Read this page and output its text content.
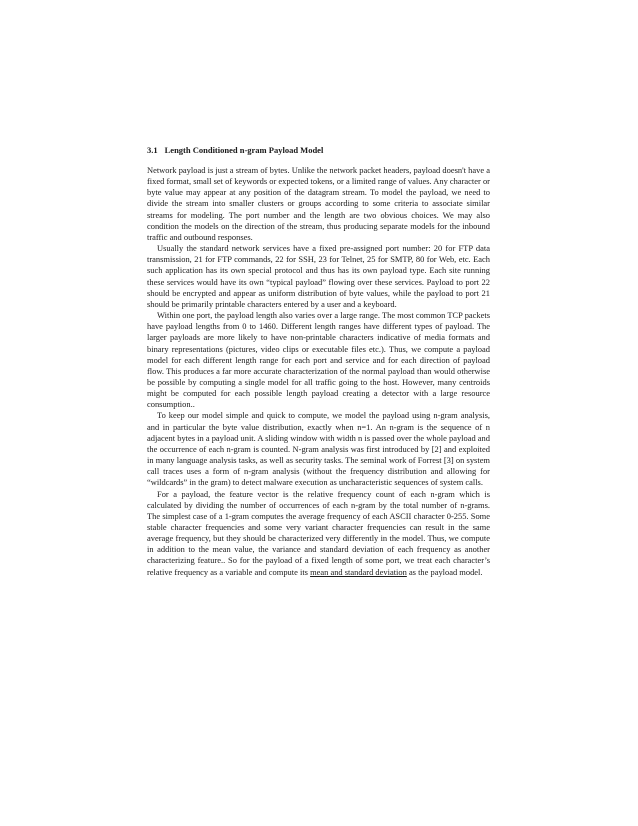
3.1 Length Conditioned n-gram Payload Model

Network payload is just a stream of bytes. Unlike the network packet headers, payload doesn't have a fixed format, small set of keywords or expected tokens, or a limited range of values. Any character or byte value may appear at any position of the datagram stream. To model the payload, we need to divide the stream into smaller clusters or groups according to some criteria to associate similar streams for modeling. The port number and the length are two obvious choices. We may also condition the models on the direction of the stream, thus producing separate models for the inbound traffic and outbound responses.

Usually the standard network services have a fixed pre-assigned port number: 20 for FTP data transmission, 21 for FTP commands, 22 for SSH, 23 for Telnet, 25 for SMTP, 80 for Web, etc. Each such application has its own special protocol and thus has its own payload type. Each site running these services would have its own “typical payload” flowing over these services. Payload to port 22 should be encrypted and appear as uniform distribution of byte values, while the payload to port 21 should be primarily printable characters entered by a user and a keyboard.

Within one port, the payload length also varies over a large range. The most common TCP packets have payload lengths from 0 to 1460. Different length ranges have different types of payload. The larger payloads are more likely to have non-printable characters indicative of media formats and binary representations (pictures, video clips or executable files etc.). Thus, we compute a payload model for each different length range for each port and service and for each direction of payload flow. This produces a far more accurate characterization of the normal payload than would otherwise be possible by computing a single model for all traffic going to the host. However, many centroids might be computed for each possible length payload creating a detector with a large resource consumption..

To keep our model simple and quick to compute, we model the payload using n-gram analysis, and in particular the byte value distribution, exactly when n=1. An n-gram is the sequence of n adjacent bytes in a payload unit. A sliding window with width n is passed over the whole payload and the occurrence of each n-gram is counted. N-gram analysis was first introduced by [2] and exploited in many language analysis tasks, as well as security tasks. The seminal work of Forrest [3] on system call traces uses a form of n-gram analysis (without the frequency distribution and allowing for “wildcards” in the gram) to detect malware execution as uncharacteristic sequences of system calls.

For a payload, the feature vector is the relative frequency count of each n-gram which is calculated by dividing the number of occurrences of each n-gram by the total number of n-grams. The simplest case of a 1-gram computes the average frequency of each ASCII character 0-255. Some stable character frequencies and some very variant character frequencies can result in the same average frequency, but they should be characterized very differently in the model. Thus, we compute in addition to the mean value, the variance and standard deviation of each frequency as another characterizing feature.. So for the payload of a fixed length of some port, we treat each character’s relative frequency as a variable and compute its mean and standard deviation as the payload model.
